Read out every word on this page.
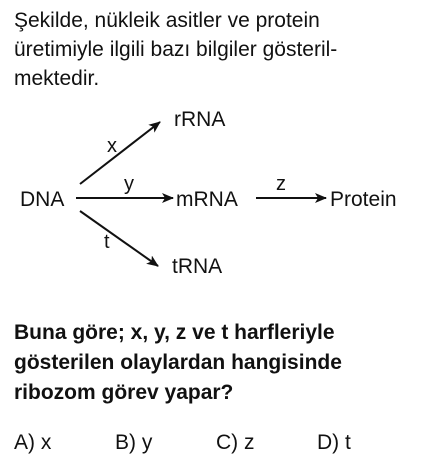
Şekilde, nükleik asitler ve protein
üretimiyle ilgili bazı bilgiler gösteril-
mektedir.

DNA
rRNA
mRNA
tRNA
Protein
x
y	z
t

Buna göre; x, y, z ve t harfleriyle
gösterilen olaylardan hangisinde
ribozom görev yapar?

A) x	B) y	C) z	D) t
